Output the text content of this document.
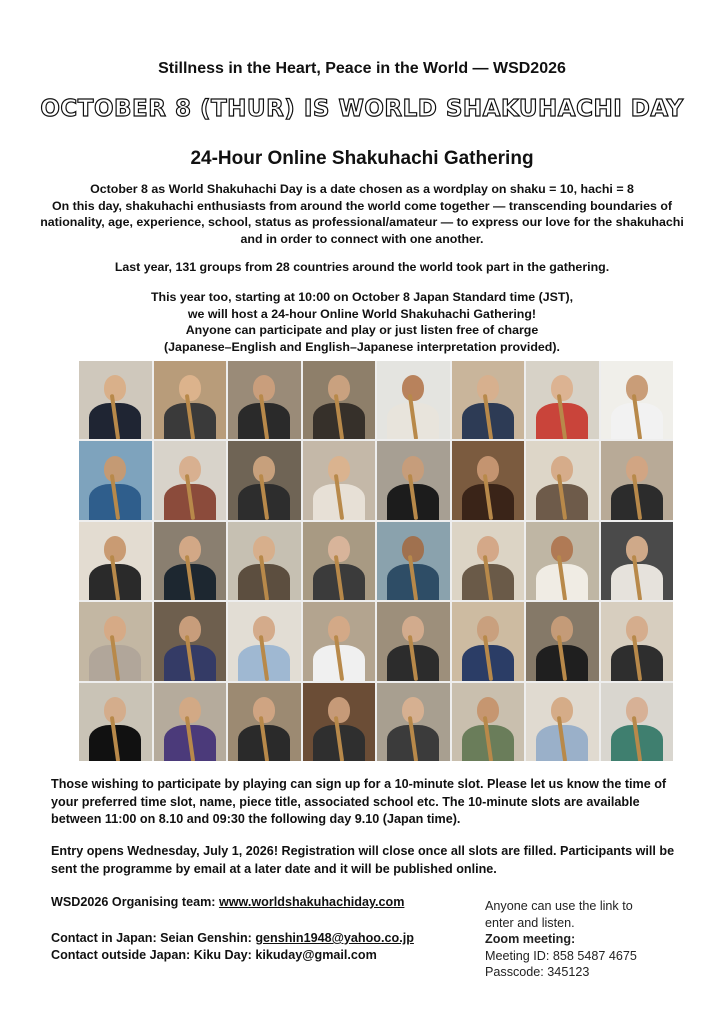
Stillness in the Heart, Peace in the World — WSD2026
OCTOBER 8 (THUR) IS WORLD SHAKUHACHI DAY
24-Hour Online Shakuhachi Gathering

October 8 as World Shakuhachi Day is a date chosen as a wordplay on shaku = 10, hachi = 8

On this day, shakuhachi enthusiasts from around the world come together — transcending boundaries of nationality, age, experience, school, status as professional/amateur — to express our love for the shakuhachi and in order to connect with one another.

Last year, 131 groups from 28 countries around the world took part in the gathering.
This year too, starting at 10:00 on October 8 Japan Standard time (JST),
we will host a 24-hour Online World Shakuhachi Gathering!
Anyone can participate and play or just listen free of charge
(Japanese–English and English–Japanese interpretation provided).
Those wishing to participate by playing can sign up for a 10-minute slot. Please let us know the time of your preferred time slot, name, piece title, associated school etc. The 10-minute slots are available between 11:00 on 8.10 and 09:30 the following day 9.10 (Japan time).
Entry opens Wednesday, July 1, 2026! Registration will close once all slots are filled. Participants will be sent the programme by email at a later date and it will be published online.
WSD2026 Organising team: www.worldshakuhachiday.com
Contact in Japan: Seian Genshin: genshin1948@yahoo.co.jp
Contact outside Japan: Kiku Day: kikuday@gmail.com
Anyone can use the link to
enter and listen.
Zoom meeting:
Meeting ID: 858 5487 4675
Passcode: 345123
